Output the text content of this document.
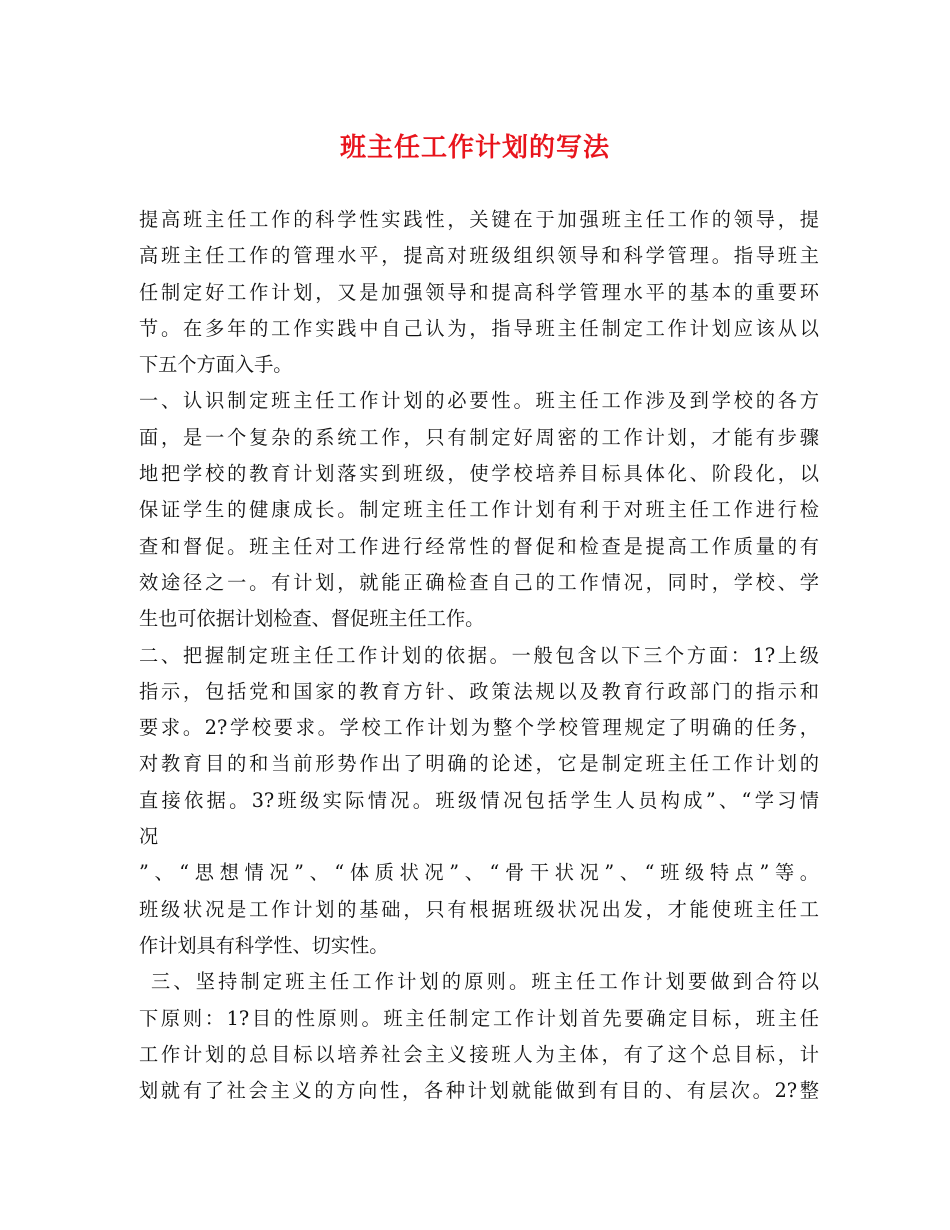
班主任工作计划的写法
提高班主任工作的科学性实践性，关键在于加强班主任工作的领导，提
高班主任工作的管理水平，提高对班级组织领导和科学管理。指导班主
任制定好工作计划，又是加强领导和提高科学管理水平的基本的重要环
节。在多年的工作实践中自己认为，指导班主任制定工作计划应该从以
下五个方面入手。
一、认识制定班主任工作计划的必要性。班主任工作涉及到学校的各方
面，是一个复杂的系统工作，只有制定好周密的工作计划，才能有步骤
地把学校的教育计划落实到班级，使学校培养目标具体化、阶段化，以
保证学生的健康成长。制定班主任工作计划有利于对班主任工作进行检
查和督促。班主任对工作进行经常性的督促和检查是提高工作质量的有
效途径之一。有计划，就能正确检查自己的工作情况，同时，学校、学
生也可依据计划检查、督促班主任工作。
二、把握制定班主任工作计划的依据。一般包含以下三个方面：1?上级
指示，包括党和国家的教育方针、政策法规以及教育行政部门的指示和
要求。2?学校要求。学校工作计划为整个学校管理规定了明确的任务，
对教育目的和当前形势作出了明确的论述，它是制定班主任工作计划的
直接依据。3?班级实际情况。班级情况包括学生人员构成”、“学习情
况
”、“思想情况”、“体质状况”、“骨干状况”、“班级特点”等。
班级状况是工作计划的基础，只有根据班级状况出发，才能使班主任工
作计划具有科学性、切实性。
三、坚持制定班主任工作计划的原则。班主任工作计划要做到合符以
下原则：1?目的性原则。班主任制定工作计划首先要确定目标，班主任
工作计划的总目标以培养社会主义接班人为主体，有了这个总目标，计
划就有了社会主义的方向性，各种计划就能做到有目的、有层次。2?整
